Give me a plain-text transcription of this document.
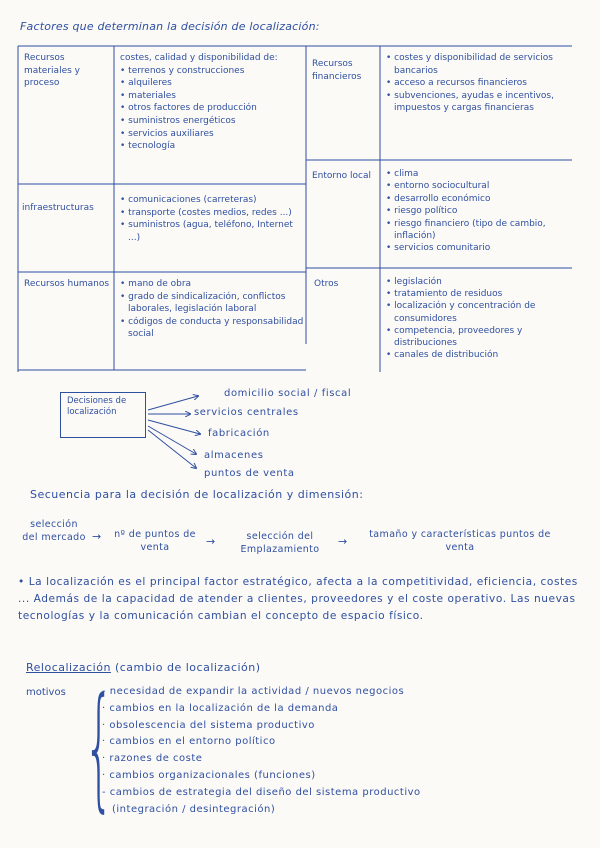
Factores que determinan la decisión de localización:
Recursos materiales y proceso
costes, calidad y disponibilidad de:
• terrenos y construcciones
• alquileres
• materiales
• otros factores de producción
• suministros energéticos
• servicios auxiliares
• tecnología
Recursos financieros
• costes y disponibilidad de servicios bancarios
• acceso a recursos financieros
• subvenciones, ayudas e incentivos, impuestos y cargas financieras
infraestructuras
• comunicaciones (carreteras)
• transporte (costes medios, redes ...)
• suministros (agua, teléfono, Internet ...)
Entorno local	• clima
• entorno sociocultural
• desarrollo económico
• riesgo político
• riesgo financiero (tipo de cambio, inflación)
• servicios comunitario
Recursos humanos	• mano de obra
• grado de sindicalización, conflictos laborales, legislación laboral
• códigos de conducta y responsabilidad social
Otros	• legislación
• tratamiento de residuos
• localización y concentración de consumidores
• competencia, proveedores y distribuciones
• canales de distribución
Decisiones de localización
domicilio social / fiscal
servicios centrales
fabricación
almacenes
puntos de venta
Secuencia para la decisión de localización y dimensión:
selección del mercado → nº de puntos de venta	→	selección del Emplazamiento
→
tamaño y características puntos de venta
• La localización es el principal factor estratégico, afecta a la competitividad, eficiencia, costes ... Además de la capacidad de atender a clientes, proveedores y el coste operativo. Las nuevas tecnologías y la comunicación cambian el concepto de espacio físico.
Relocalización (cambio de localización)
motivos {
- necesidad de expandir la actividad / nuevos negocios
· cambios en la localización de la demanda
· obsolescencia del sistema productivo
· cambios en el entorno político
· razones de coste
· cambios organizacionales (funciones)
- cambios de estrategia del diseño del sistema productivo
(integración / desintegración)
